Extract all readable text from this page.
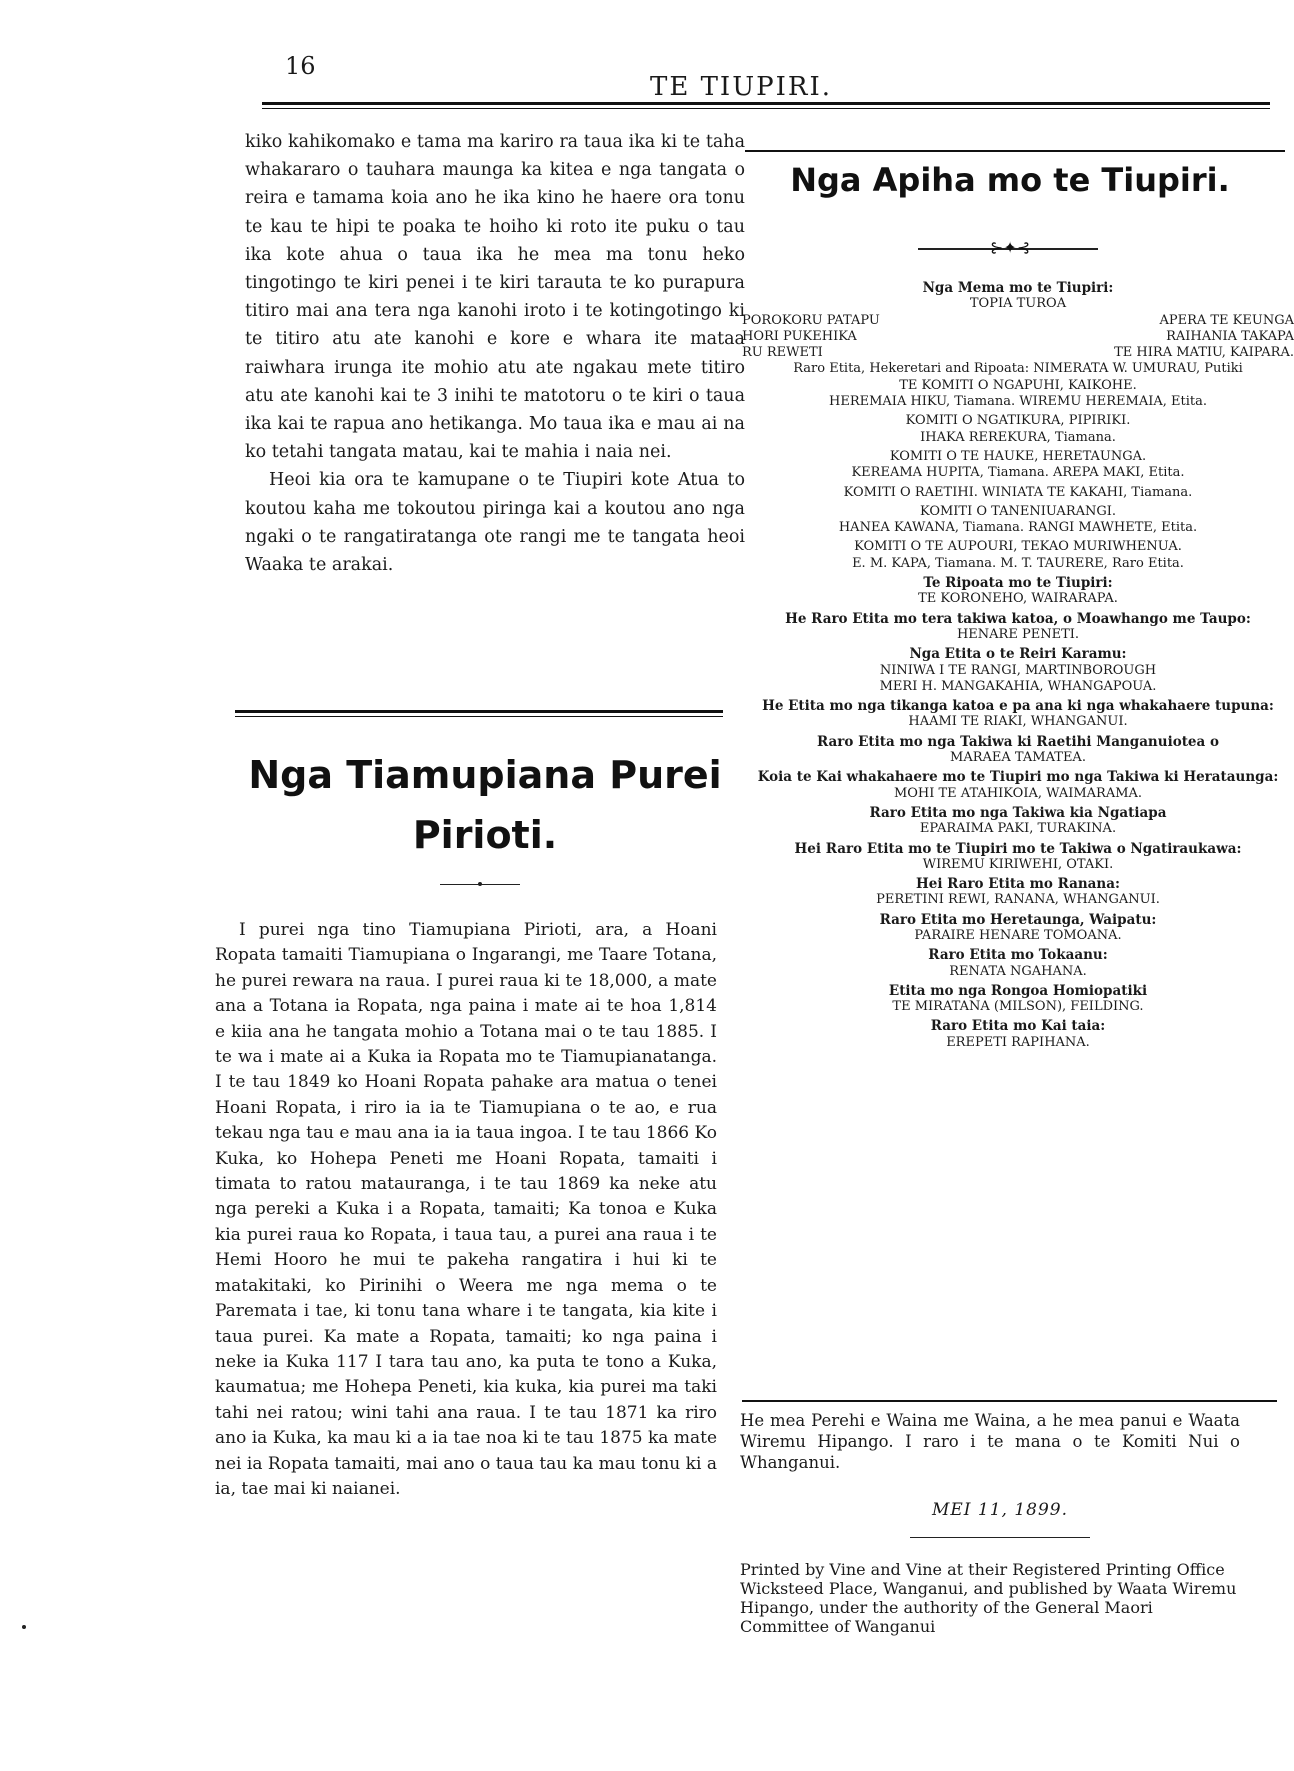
16
TE TIUPIRI.

kiko kahikomako e tama ma kariro ra taua ika ki te taha whakararo o tauhara maunga ka kitea e nga tangata o reira e tamama koia ano he ika kino he haere ora tonu te kau te hipi te poaka te hoiho ki roto ite puku o tau ika kote ahua o taua ika he mea ma tonu heko tingotingo te kiri penei i te kiri tarauta te ko purapura titiro mai ana tera nga kanohi iroto i te kotingotingo ki te titiro atu ate kanohi e kore e whara ite mataa raiwhara irunga ite mohio atu ate ngakau mete titiro atu ate kanohi kai te 3 inihi te matotoru o te kiri o taua ika kai te rapua ano hetikanga. Mo taua ika e mau ai na ko tetahi tangata matau, kai te mahia i naia nei.

Heoi kia ora te kamupane o te Tiupiri kote Atua to koutou kaha me tokoutou piringa kai a koutou ano nga ngaki o te rangatiratanga ote rangi me te tangata heoi Waaka te arakai.

Nga Tiamupiana Purei
Pirioti.
I purei nga tino Tiamupiana Pirioti, ara, a Hoani Ropata tamaiti Tiamupiana o Ingarangi, me Taare Totana, he purei rewara na raua. I purei raua ki te 18,000, a mate ana a Totana ia Ropata, nga paina i mate ai te hoa 1,814 e kiia ana he tangata mohio a Totana mai o te tau 1885. I te wa i mate ai a Kuka ia Ropata mo te Tiamupianatanga. I te tau 1849 ko Hoani Ropata pahake ara matua o tenei Hoani Ropata, i riro ia ia te Tiamupiana o te ao, e rua tekau nga tau e mau ana ia ia taua ingoa. I te tau 1866 Ko Kuka, ko Hohepa Peneti me Hoani Ropata, tamaiti i timata to ratou matauranga, i te tau 1869 ka neke atu nga pereki a Kuka i a Ropata, tamaiti; Ka tonoa e Kuka kia purei raua ko Ropata, i taua tau, a purei ana raua i te Hemi Hooro he mui te pakeha rangatira i hui ki te matakitaki, ko Pirinihi o Weera me nga mema o te Paremata i tae, ki tonu tana whare i te tangata, kia kite i taua purei. Ka mate a Ropata, tamaiti; ko nga paina i neke ia Kuka 117 I tara tau ano, ka puta te tono a Kuka, kaumatua; me Hohepa Peneti, kia kuka, kia purei ma taki tahi nei ratou; wini tahi ana raua. I te tau 1871 ka riro ano ia Kuka, ka mau ki a ia tae noa ki te tau 1875 ka mate nei ia Ropata tamaiti, mai ano o taua tau ka mau tonu ki a ia, tae mai ki naianei.
Nga Apiha mo te Tiupiri.
⊱✦⊰
Nga Mema mo te Tiupiri:
TOPIA TUROA
POROKORU PATAPU	APERA TE KEUNGA
HORI PUKEHIKA	RAIHANIA TAKAPA
RU REWETI	TE HIRA MATIU, KAIPARA.
Raro Etita, Hekeretari and Ripoata: NIMERATA W. UMURAU, Putiki
TE KOMITI O NGAPUHI, KAIKOHE.
HEREMAIA HIKU, Tiamana. WIREMU HEREMAIA, Etita.
KOMITI O NGATIKURA, PIPIRIKI.
IHAKA REREKURA, Tiamana.
KOMITI O TE HAUKE, HERETAUNGA.
KEREAMA HUPITA, Tiamana. AREPA MAKI, Etita.
KOMITI O RAETIHI. WINIATA TE KAKAHI, Tiamana.
KOMITI O TANENIUARANGI.
HANEA KAWANA, Tiamana. RANGI MAWHETE, Etita.
KOMITI O TE AUPOURI, TEKAO MURIWHENUA.
E. M. KAPA, Tiamana. M. T. TAURERE, Raro Etita.
Te Ripoata mo te Tiupiri:
TE KORONEHO, WAIRARAPA.
He Raro Etita mo tera takiwa katoa, o Moawhango me Taupo:
HENARE PENETI.
Nga Etita o te Reiri Karamu:
NINIWA I TE RANGI, MARTINBOROUGH
MERI H. MANGAKAHIA, WHANGAPOUA.
He Etita mo nga tikanga katoa e pa ana ki nga whakahaere tupuna:
HAAMI TE RIAKI, WHANGANUI.
Raro Etita mo nga Takiwa ki Raetihi Manganuiotea o
MARAEA TAMATEA.
Koia te Kai whakahaere mo te Tiupiri mo nga Takiwa ki Herataunga:
MOHI TE ATAHIKOIA, WAIMARAMA.
Raro Etita mo nga Takiwa kia Ngatiapa
EPARAIMA PAKI, TURAKINA.
Hei Raro Etita mo te Tiupiri mo te Takiwa o Ngatiraukawa:
WIREMU KIRIWEHI, OTAKI.
Hei Raro Etita mo Ranana:
PERETINI REWI, RANANA, WHANGANUI.
Raro Etita mo Heretaunga, Waipatu:
PARAIRE HENARE TOMOANA.
Raro Etita mo Tokaanu:
RENATA NGAHANA.
Etita mo nga Rongoa Homiopatiki
TE MIRATANA (MILSON), FEILDING.
Raro Etita mo Kai taia:
EREPETI RAPIHANA.
He mea Perehi e Waina me Waina, a he mea panui e Waata Wiremu Hipango. I raro i te mana o te Komiti Nui o Whanganui.
MEI 11, 1899.
Printed by Vine and Vine at their Registered Printing Office Wicksteed Place, Wanganui, and published by Waata Wiremu Hipango, under the authority of the General Maori Committee of Wanganui
